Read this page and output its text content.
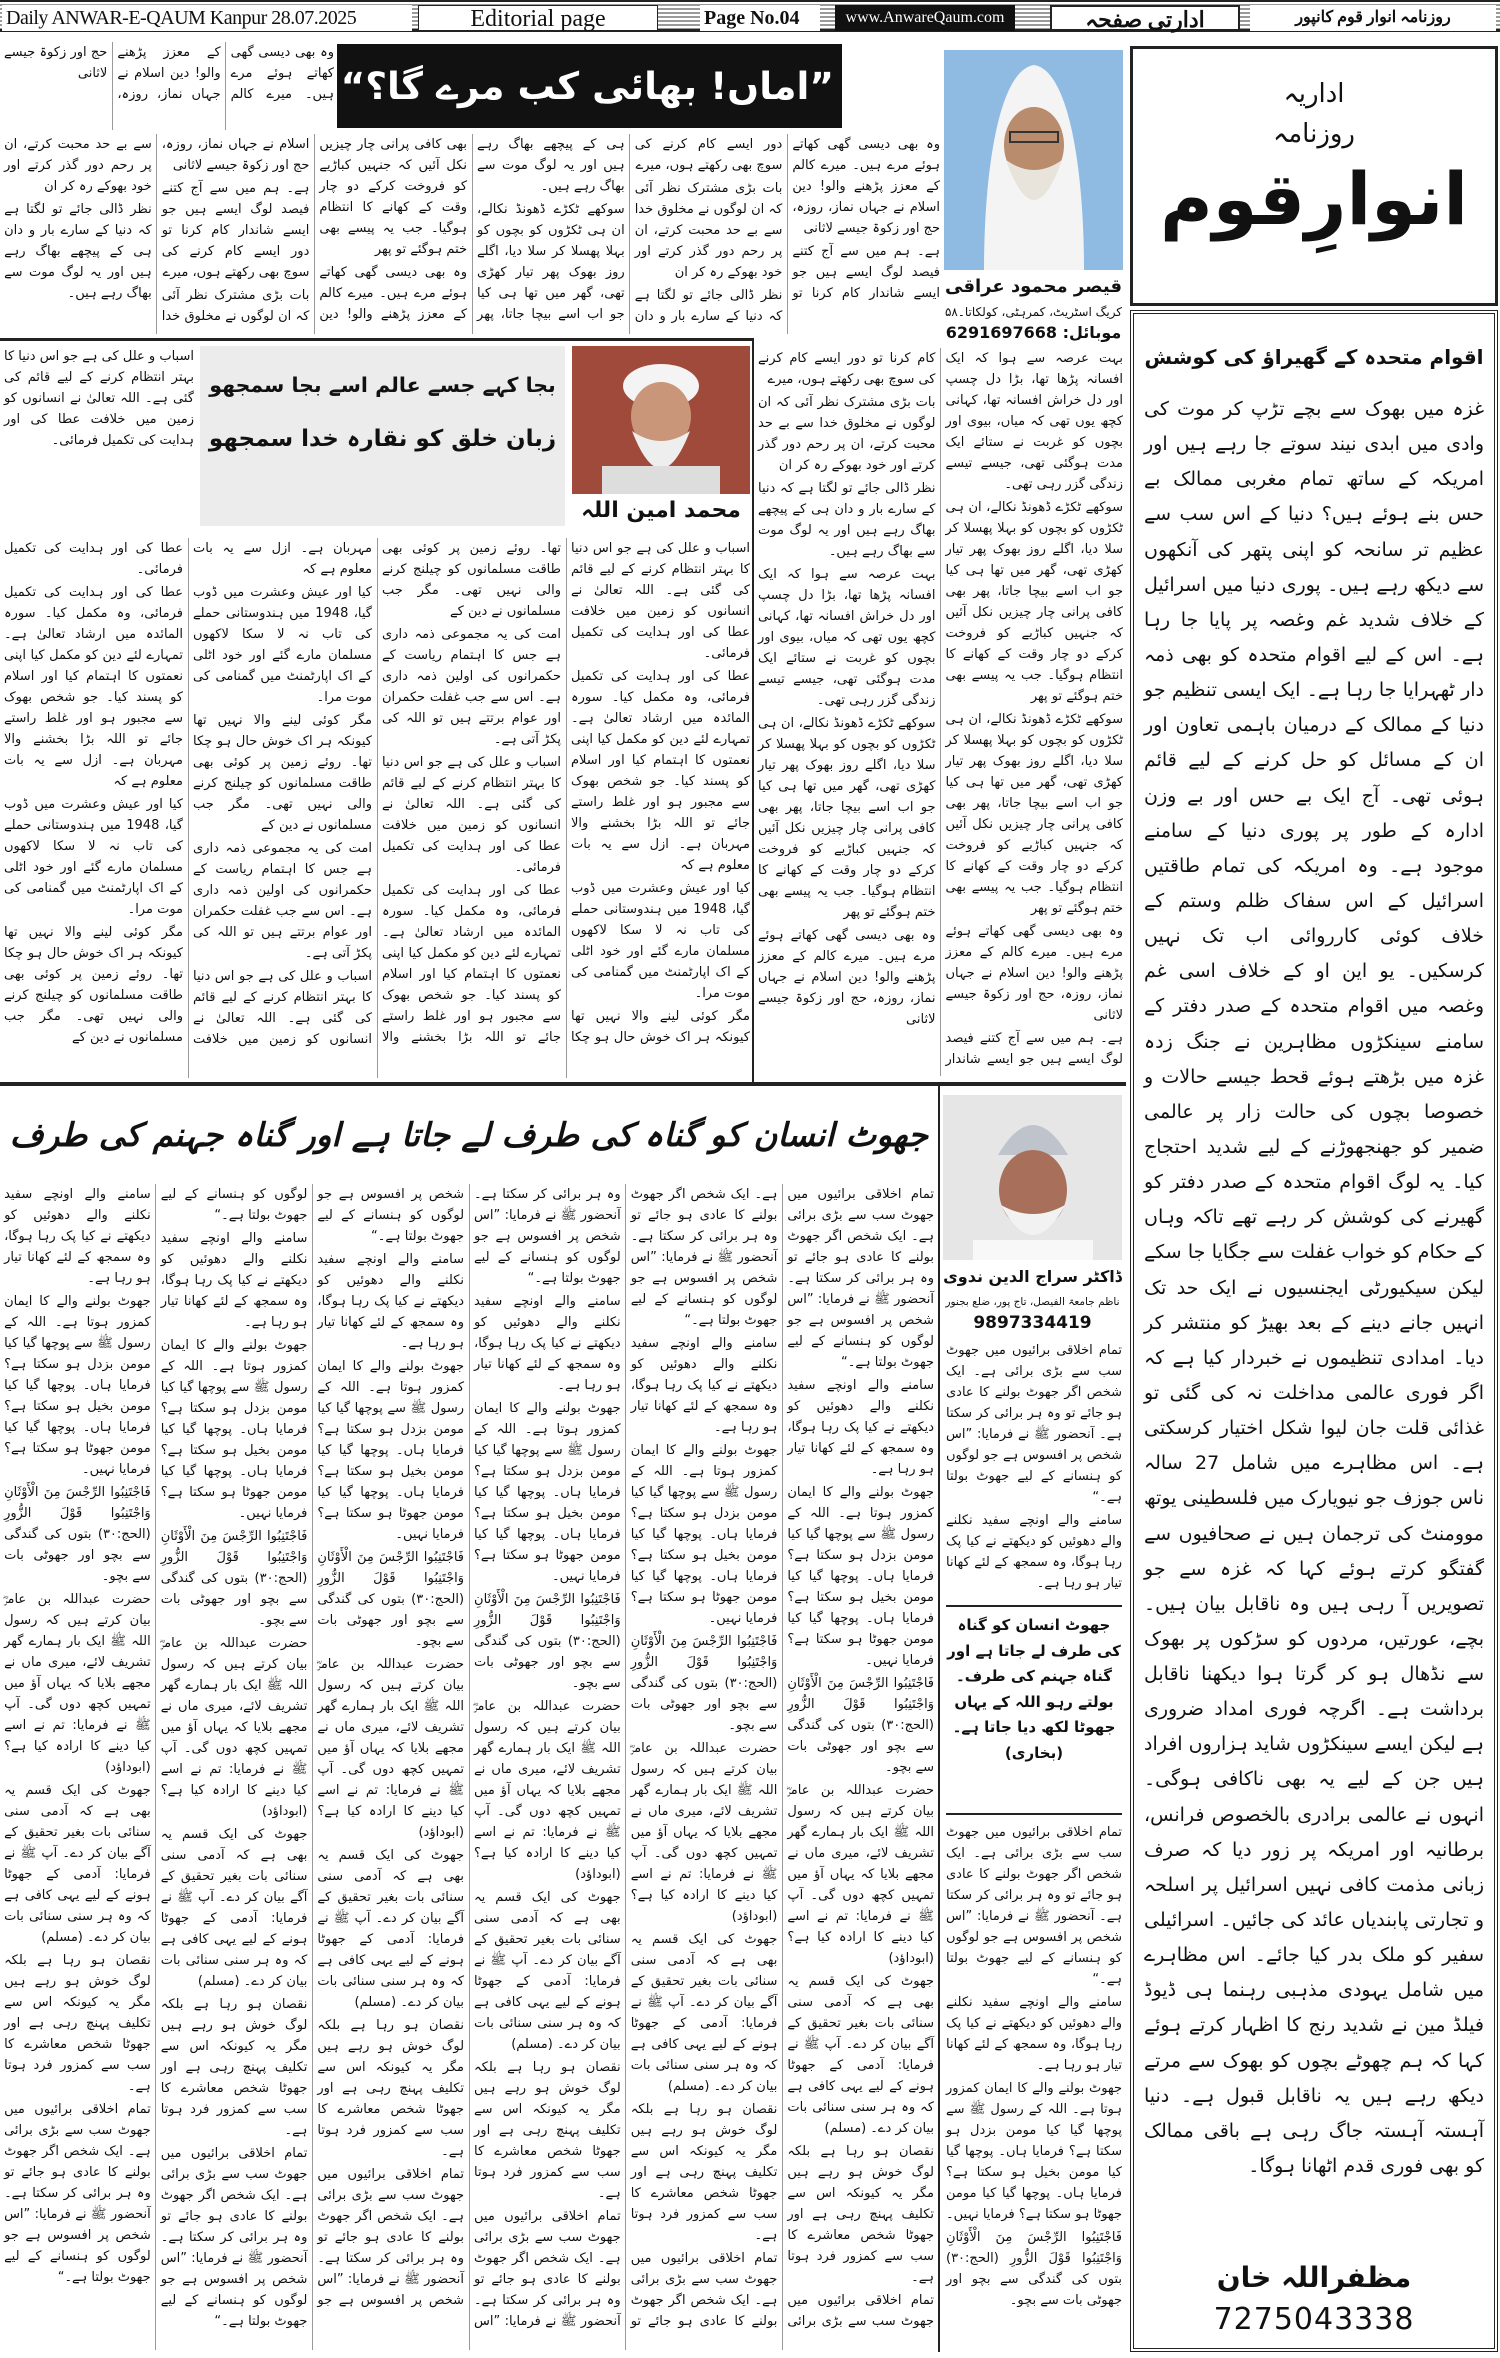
Daily ANWAR-E-QAUM Kanpur 28.07.2025	Editorial page	Page No.04	www.AnwareQaum.com	ادارتی صفحہ	روزنامہ انوار قوم کانپور

وہ بھی دیسی گھی کھاتے ہوئے مرے ہیں۔ میرے کالم کے معزز پڑھنے والو! دین اسلام نے جہاں نماز، روزہ، حج اور زکوۃ جیسے لاثانی	”اماں! بھائی کب مرے گا؟“

وہ بھی دیسی گھی کھاتے ہوئے مرے ہیں۔ میرے کالم کے معزز پڑھنے والو! دین اسلام نے جہاں نماز، روزہ، حج اور زکوۃ جیسے لاثانی

ہے۔ ہم میں سے آج کتنے فیصد لوگ ایسے ہیں جو ایسے شاندار کام کرنا تو دور ایسے کام کرنے کی سوچ بھی رکھتے ہوں، میرے

بات بڑی مشترک نظر آئی کہ ان لوگوں نے مخلوق خدا سے بے حد محبت کرتے، ان پر رحم دور گذر کرتے اور خود بھوکے رہ کر ان

نظر ڈالی جائے تو لگتا ہے کہ دنیا کے سارے بار و دان ہی کے پیچھے بھاگ رہے ہیں اور یہ لوگ موت سے بھاگ رہے ہیں۔

سوکھے ٹکڑے ڈھونڈ نکالے، ان ہی ٹکڑوں کو بچوں کو بہلا پھسلا کر سلا دیا، اگلے روز بھوک پھر تیار کھڑی تھی، گھر میں تھا ہی کیا جو اب اسے بیچا جاتا، پھر بھی کافی پرانی چار چیزیں نکل آئیں کہ جنہیں کباڑیے کو فروخت کرکے دو چار وقت کے کھانے کا انتظام ہوگیا۔ جب یہ پیسے بھی ختم ہوگئے تو پھر

وہ بھی دیسی گھی کھاتے ہوئے مرے ہیں۔ میرے کالم کے معزز پڑھنے والو! دین اسلام نے جہاں نماز، روزہ، حج اور زکوۃ جیسے لاثانی

ہے۔ ہم میں سے آج کتنے فیصد لوگ ایسے ہیں جو ایسے شاندار کام کرنا تو دور ایسے کام کرنے کی سوچ بھی رکھتے ہوں، میرے

بات بڑی مشترک نظر آئی کہ ان لوگوں نے مخلوق خدا سے بے حد محبت کرتے، ان پر رحم دور گذر کرتے اور خود بھوکے رہ کر ان

نظر ڈالی جائے تو لگتا ہے کہ دنیا کے سارے بار و دان ہی کے پیچھے بھاگ رہے ہیں اور یہ لوگ موت سے بھاگ رہے ہیں۔	قیصر محمود عراقی
کریگ اسٹریٹ، کمرہٹی، کولکاتا۔۵۸
موبائل: 6291697668

بہت عرصہ سے ہوا کہ ایک افسانہ پڑھا تھا، بڑا دل چسپ اور دل خراش افسانہ تھا، کہانی کچھ یوں تھی کہ میاں، بیوی اور بچوں کو غربت نے ستائے ایک مدت ہوگئی تھی، جیسے تیسے زندگی گزر رہی تھی۔

سوکھے ٹکڑے ڈھونڈ نکالے، ان ہی ٹکڑوں کو بچوں کو بہلا پھسلا کر سلا دیا، اگلے روز بھوک پھر تیار کھڑی تھی، گھر میں تھا ہی کیا جو اب اسے بیچا جاتا، پھر بھی کافی پرانی چار چیزیں نکل آئیں کہ جنہیں کباڑیے کو فروخت کرکے دو چار وقت کے کھانے کا انتظام ہوگیا۔ جب یہ پیسے بھی ختم ہوگئے تو پھر

سوکھے ٹکڑے ڈھونڈ نکالے، ان ہی ٹکڑوں کو بچوں کو بہلا پھسلا کر سلا دیا، اگلے روز بھوک پھر تیار کھڑی تھی، گھر میں تھا ہی کیا جو اب اسے بیچا جاتا، پھر بھی کافی پرانی چار چیزیں نکل آئیں کہ جنہیں کباڑیے کو فروخت کرکے دو چار وقت کے کھانے کا انتظام ہوگیا۔ جب یہ پیسے بھی ختم ہوگئے تو پھر

وہ بھی دیسی گھی کھاتے ہوئے مرے ہیں۔ میرے کالم کے معزز پڑھنے والو! دین اسلام نے جہاں نماز، روزہ، حج اور زکوۃ جیسے لاثانی

ہے۔ ہم میں سے آج کتنے فیصد لوگ ایسے ہیں جو ایسے شاندار کام کرنا تو دور ایسے کام کرنے کی سوچ بھی رکھتے ہوں، میرے

بات بڑی مشترک نظر آئی کہ ان لوگوں نے مخلوق خدا سے بے حد محبت کرتے، ان پر رحم دور گذر کرتے اور خود بھوکے رہ کر ان

نظر ڈالی جائے تو لگتا ہے کہ دنیا کے سارے بار و دان ہی کے پیچھے بھاگ رہے ہیں اور یہ لوگ موت سے بھاگ رہے ہیں۔

بہت عرصہ سے ہوا کہ ایک افسانہ پڑھا تھا، بڑا دل چسپ اور دل خراش افسانہ تھا، کہانی کچھ یوں تھی کہ میاں، بیوی اور بچوں کو غربت نے ستائے ایک مدت ہوگئی تھی، جیسے تیسے زندگی گزر رہی تھی۔

سوکھے ٹکڑے ڈھونڈ نکالے، ان ہی ٹکڑوں کو بچوں کو بہلا پھسلا کر سلا دیا، اگلے روز بھوک پھر تیار کھڑی تھی، گھر میں تھا ہی کیا جو اب اسے بیچا جاتا، پھر بھی کافی پرانی چار چیزیں نکل آئیں کہ جنہیں کباڑیے کو فروخت کرکے دو چار وقت کے کھانے کا انتظام ہوگیا۔ جب یہ پیسے بھی ختم ہوگئے تو پھر

وہ بھی دیسی گھی کھاتے ہوئے مرے ہیں۔ میرے کالم کے معزز پڑھنے والو! دین اسلام نے جہاں نماز، روزہ، حج اور زکوۃ جیسے لاثانی

اسباب و علل کی ہے جو اس دنیا کا بہتر انتظام کرنے کے لیے قائم کی گئی ہے۔ اللہ تعالیٰ نے انسانوں کو زمین میں خلافت عطا کی اور ہدایت کی تکمیل فرمائی۔

بجا کہے جسے عالم اسے بجا سمجھو
زبان خلق کو نقارہ خدا سمجھو
محمد امین اللہ

اسباب و علل کی ہے جو اس دنیا کا بہتر انتظام کرنے کے لیے قائم کی گئی ہے۔ اللہ تعالیٰ نے انسانوں کو زمین میں خلافت عطا کی اور ہدایت کی تکمیل فرمائی۔

عطا کی اور ہدایت کی تکمیل فرمائی، وہ مکمل کیا۔ سورہ المائدہ میں ارشاد تعالیٰ ہے۔ تمہارے لئے دین کو مکمل کیا اپنی نعمتوں کا اہتمام کیا اور اسلام کو پسند کیا۔ جو شخص بھوک سے مجبور ہو اور غلط راستے جائے تو اللہ بڑا بخشنے والا مہربان ہے۔ ازل سے یہ بات معلوم ہے کہ

کیا اور عیش وعشرت میں ڈوب گیا، 1948 میں ہندوستانی حملے کی تاب نہ لا سکا لاکھوں مسلمان مارے گئے اور خود اٹلی کے اک اپارٹمنٹ میں گمنامی کی موت مرا۔

مگر کوئی لینے والا نہیں تھا کیونکہ ہر اک خوش حال ہو چکا تھا۔ روئے زمین پر کوئی بھی طاقت مسلمانوں کو چیلنج کرنے والی نہیں تھی۔ مگر جب مسلمانوں نے دین کے

امت کی یہ مجموعی ذمہ داری ہے جس کا اہتمام ریاست کے حکمرانوں کی اولین ذمہ داری ہے۔ اس سے جب غفلت حکمران اور عوام برتتے ہیں تو اللہ کی پکڑ آتی ہے۔

اسباب و علل کی ہے جو اس دنیا کا بہتر انتظام کرنے کے لیے قائم کی گئی ہے۔ اللہ تعالیٰ نے انسانوں کو زمین میں خلافت عطا کی اور ہدایت کی تکمیل فرمائی۔

عطا کی اور ہدایت کی تکمیل فرمائی، وہ مکمل کیا۔ سورہ المائدہ میں ارشاد تعالیٰ ہے۔ تمہارے لئے دین کو مکمل کیا اپنی نعمتوں کا اہتمام کیا اور اسلام کو پسند کیا۔ جو شخص بھوک سے مجبور ہو اور غلط راستے جائے تو اللہ بڑا بخشنے والا مہربان ہے۔ ازل سے یہ بات معلوم ہے کہ

کیا اور عیش وعشرت میں ڈوب گیا، 1948 میں ہندوستانی حملے کی تاب نہ لا سکا لاکھوں مسلمان مارے گئے اور خود اٹلی کے اک اپارٹمنٹ میں گمنامی کی موت مرا۔

مگر کوئی لینے والا نہیں تھا کیونکہ ہر اک خوش حال ہو چکا تھا۔ روئے زمین پر کوئی بھی طاقت مسلمانوں کو چیلنج کرنے والی نہیں تھی۔ مگر جب مسلمانوں نے دین کے

امت کی یہ مجموعی ذمہ داری ہے جس کا اہتمام ریاست کے حکمرانوں کی اولین ذمہ داری ہے۔ اس سے جب غفلت حکمران اور عوام برتتے ہیں تو اللہ کی پکڑ آتی ہے۔

اسباب و علل کی ہے جو اس دنیا کا بہتر انتظام کرنے کے لیے قائم کی گئی ہے۔ اللہ تعالیٰ نے انسانوں کو زمین میں خلافت عطا کی اور ہدایت کی تکمیل فرمائی۔

عطا کی اور ہدایت کی تکمیل فرمائی، وہ مکمل کیا۔ سورہ المائدہ میں ارشاد تعالیٰ ہے۔ تمہارے لئے دین کو مکمل کیا اپنی نعمتوں کا اہتمام کیا اور اسلام کو پسند کیا۔ جو شخص بھوک سے مجبور ہو اور غلط راستے جائے تو اللہ بڑا بخشنے والا مہربان ہے۔ ازل سے یہ بات معلوم ہے کہ

کیا اور عیش وعشرت میں ڈوب گیا، 1948 میں ہندوستانی حملے کی تاب نہ لا سکا لاکھوں مسلمان مارے گئے اور خود اٹلی کے اک اپارٹمنٹ میں گمنامی کی موت مرا۔

مگر کوئی لینے والا نہیں تھا کیونکہ ہر اک خوش حال ہو چکا تھا۔ روئے زمین پر کوئی بھی طاقت مسلمانوں کو چیلنج کرنے والی نہیں تھی۔ مگر جب مسلمانوں نے دین کے

جھوٹ انسان کو گناہ کی طرف لے جاتا ہے اور گناہ جہنم کی طرف
ڈاکٹر سراج الدین ندوی
ناظم جامعۃ الفیصل، تاج پور، ضلع بجنور
9897334419

تمام اخلاقی برائیوں میں جھوٹ سب سے بڑی برائی ہے۔ ایک شخص اگر جھوٹ بولنے کا عادی ہو جائے تو وہ ہر برائی کر سکتا ہے۔ آنحضور ﷺ نے فرمایا: ”اس شخص پر افسوس ہے جو لوگوں کو ہنسانے کے لیے جھوٹ بولتا ہے۔“

سامنے والے اونچے سفید نکلنے والے دھوئیں کو دیکھتے نے کیا پک رہا ہوگا، وہ سمجھ کے لئے کھانا تیار ہو رہا ہے۔

جھوٹ بولنے والے کا ایمان کمزور ہوتا ہے۔ اللہ کے رسول ﷺ سے پوچھا گیا کیا مومن بزدل ہو سکتا ہے؟ فرمایا ہاں۔ پوچھا گیا کیا مومن بخیل ہو سکتا ہے؟ فرمایا ہاں۔ پوچھا گیا کیا مومن جھوٹا ہو سکتا ہے؟ فرمایا نہیں۔

فَاجْتَنِبُوا الرِّجْسَ مِنَ الْأَوْثَانِ وَاجْتَنِبُوا قَوْلَ الزُّورِ (الحج:۳۰) بتوں کی گندگی سے بچو اور جھوٹی بات سے بچو۔

حضرت عبداللہ بن عامرؓ بیان کرتے ہیں کہ رسول اللہ ﷺ ایک بار ہمارے گھر تشریف لائے، میری ماں نے مجھے بلایا کہ یہاں آؤ میں تمہیں کچھ دوں گی۔ آپ ﷺ نے فرمایا: تم نے اسے کیا دینے کا ارادہ کیا ہے؟ (ابوداؤد)

جھوٹ کی ایک قسم یہ بھی ہے کہ آدمی سنی سنائی بات بغیر تحقیق کے آگے بیان کر دے۔ آپ ﷺ نے فرمایا: آدمی کے جھوٹا ہونے کے لیے یہی کافی ہے کہ وہ ہر سنی سنائی بات بیان کر دے۔ (مسلم)

نقصان ہو رہا ہے بلکہ لوگ خوش ہو رہے ہیں مگر یہ کیونکہ اس سے تکلیف پہنچ رہی ہے اور جھوٹا شخص معاشرے کا سب سے کمزور فرد ہوتا ہے۔

تمام اخلاقی برائیوں میں جھوٹ سب سے بڑی برائی ہے۔ ایک شخص اگر جھوٹ بولنے کا عادی ہو جائے تو وہ ہر برائی کر سکتا ہے۔ آنحضور ﷺ نے فرمایا: ”اس شخص پر افسوس ہے جو لوگوں کو ہنسانے کے لیے جھوٹ بولتا ہے۔“

سامنے والے اونچے سفید نکلنے والے دھوئیں کو دیکھتے نے کیا پک رہا ہوگا، وہ سمجھ کے لئے کھانا تیار ہو رہا ہے۔

جھوٹ بولنے والے کا ایمان کمزور ہوتا ہے۔ اللہ کے رسول ﷺ سے پوچھا گیا کیا مومن بزدل ہو سکتا ہے؟ فرمایا ہاں۔ پوچھا گیا کیا مومن بخیل ہو سکتا ہے؟ فرمایا ہاں۔ پوچھا گیا کیا مومن جھوٹا ہو سکتا ہے؟ فرمایا نہیں۔

فَاجْتَنِبُوا الرِّجْسَ مِنَ الْأَوْثَانِ وَاجْتَنِبُوا قَوْلَ الزُّورِ (الحج:۳۰) بتوں کی گندگی سے بچو اور جھوٹی بات سے بچو۔

حضرت عبداللہ بن عامرؓ بیان کرتے ہیں کہ رسول اللہ ﷺ ایک بار ہمارے گھر تشریف لائے، میری ماں نے مجھے بلایا کہ یہاں آؤ میں تمہیں کچھ دوں گی۔ آپ ﷺ نے فرمایا: تم نے اسے کیا دینے کا ارادہ کیا ہے؟ (ابوداؤد)

جھوٹ کی ایک قسم یہ بھی ہے کہ آدمی سنی سنائی بات بغیر تحقیق کے آگے بیان کر دے۔ آپ ﷺ نے فرمایا: آدمی کے جھوٹا ہونے کے لیے یہی کافی ہے کہ وہ ہر سنی سنائی بات بیان کر دے۔ (مسلم)

نقصان ہو رہا ہے بلکہ لوگ خوش ہو رہے ہیں مگر یہ کیونکہ اس سے تکلیف پہنچ رہی ہے اور جھوٹا شخص معاشرے کا سب سے کمزور فرد ہوتا ہے۔

تمام اخلاقی برائیوں میں جھوٹ سب سے بڑی برائی ہے۔ ایک شخص اگر جھوٹ بولنے کا عادی ہو جائے تو وہ ہر برائی کر سکتا ہے۔ آنحضور ﷺ نے فرمایا: ”اس شخص پر افسوس ہے جو لوگوں کو ہنسانے کے لیے جھوٹ بولتا ہے۔“

سامنے والے اونچے سفید نکلنے والے دھوئیں کو دیکھتے نے کیا پک رہا ہوگا، وہ سمجھ کے لئے کھانا تیار ہو رہا ہے۔

جھوٹ بولنے والے کا ایمان کمزور ہوتا ہے۔ اللہ کے رسول ﷺ سے پوچھا گیا کیا مومن بزدل ہو سکتا ہے؟ فرمایا ہاں۔ پوچھا گیا کیا مومن بخیل ہو سکتا ہے؟ فرمایا ہاں۔ پوچھا گیا کیا مومن جھوٹا ہو سکتا ہے؟ فرمایا نہیں۔

فَاجْتَنِبُوا الرِّجْسَ مِنَ الْأَوْثَانِ وَاجْتَنِبُوا قَوْلَ الزُّورِ (الحج:۳۰) بتوں کی گندگی سے بچو اور جھوٹی بات سے بچو۔

حضرت عبداللہ بن عامرؓ بیان کرتے ہیں کہ رسول اللہ ﷺ ایک بار ہمارے گھر تشریف لائے، میری ماں نے مجھے بلایا کہ یہاں آؤ میں تمہیں کچھ دوں گی۔ آپ ﷺ نے فرمایا: تم نے اسے کیا دینے کا ارادہ کیا ہے؟ (ابوداؤد)

جھوٹ کی ایک قسم یہ بھی ہے کہ آدمی سنی سنائی بات بغیر تحقیق کے آگے بیان کر دے۔ آپ ﷺ نے فرمایا: آدمی کے جھوٹا ہونے کے لیے یہی کافی ہے کہ وہ ہر سنی سنائی بات بیان کر دے۔ (مسلم)

نقصان ہو رہا ہے بلکہ لوگ خوش ہو رہے ہیں مگر یہ کیونکہ اس سے تکلیف پہنچ رہی ہے اور جھوٹا شخص معاشرے کا سب سے کمزور فرد ہوتا ہے۔

تمام اخلاقی برائیوں میں جھوٹ سب سے بڑی برائی ہے۔ ایک شخص اگر جھوٹ بولنے کا عادی ہو جائے تو وہ ہر برائی کر سکتا ہے۔ آنحضور ﷺ نے فرمایا: ”اس شخص پر افسوس ہے جو لوگوں کو ہنسانے کے لیے جھوٹ بولتا ہے۔“

سامنے والے اونچے سفید نکلنے والے دھوئیں کو دیکھتے نے کیا پک رہا ہوگا، وہ سمجھ کے لئے کھانا تیار ہو رہا ہے۔

جھوٹ بولنے والے کا ایمان کمزور ہوتا ہے۔ اللہ کے رسول ﷺ سے پوچھا گیا کیا مومن بزدل ہو سکتا ہے؟ فرمایا ہاں۔ پوچھا گیا کیا مومن بخیل ہو سکتا ہے؟ فرمایا ہاں۔ پوچھا گیا کیا مومن جھوٹا ہو سکتا ہے؟ فرمایا نہیں۔

فَاجْتَنِبُوا الرِّجْسَ مِنَ الْأَوْثَانِ وَاجْتَنِبُوا قَوْلَ الزُّورِ (الحج:۳۰) بتوں کی گندگی سے بچو اور جھوٹی بات سے بچو۔

حضرت عبداللہ بن عامرؓ بیان کرتے ہیں کہ رسول اللہ ﷺ ایک بار ہمارے گھر تشریف لائے، میری ماں نے مجھے بلایا کہ یہاں آؤ میں تمہیں کچھ دوں گی۔ آپ ﷺ نے فرمایا: تم نے اسے کیا دینے کا ارادہ کیا ہے؟ (ابوداؤد)

جھوٹ کی ایک قسم یہ بھی ہے کہ آدمی سنی سنائی بات بغیر تحقیق کے آگے بیان کر دے۔ آپ ﷺ نے فرمایا: آدمی کے جھوٹا ہونے کے لیے یہی کافی ہے کہ وہ ہر سنی سنائی بات بیان کر دے۔ (مسلم)

نقصان ہو رہا ہے بلکہ لوگ خوش ہو رہے ہیں مگر یہ کیونکہ اس سے تکلیف پہنچ رہی ہے اور جھوٹا شخص معاشرے کا سب سے کمزور فرد ہوتا ہے۔

تمام اخلاقی برائیوں میں جھوٹ سب سے بڑی برائی ہے۔ ایک شخص اگر جھوٹ بولنے کا عادی ہو جائے تو وہ ہر برائی کر سکتا ہے۔ آنحضور ﷺ نے فرمایا: ”اس شخص پر افسوس ہے جو لوگوں کو ہنسانے کے لیے جھوٹ بولتا ہے۔“

سامنے والے اونچے سفید نکلنے والے دھوئیں کو دیکھتے نے کیا پک رہا ہوگا، وہ سمجھ کے لئے کھانا تیار ہو رہا ہے۔

جھوٹ بولنے والے کا ایمان کمزور ہوتا ہے۔ اللہ کے رسول ﷺ سے پوچھا گیا کیا مومن بزدل ہو سکتا ہے؟ فرمایا ہاں۔ پوچھا گیا کیا مومن بخیل ہو سکتا ہے؟ فرمایا ہاں۔ پوچھا گیا کیا مومن جھوٹا ہو سکتا ہے؟ فرمایا نہیں۔

فَاجْتَنِبُوا الرِّجْسَ مِنَ الْأَوْثَانِ وَاجْتَنِبُوا قَوْلَ الزُّورِ (الحج:۳۰) بتوں کی گندگی سے بچو اور جھوٹی بات سے بچو۔

حضرت عبداللہ بن عامرؓ بیان کرتے ہیں کہ رسول اللہ ﷺ ایک بار ہمارے گھر تشریف لائے، میری ماں نے مجھے بلایا کہ یہاں آؤ میں تمہیں کچھ دوں گی۔ آپ ﷺ نے فرمایا: تم نے اسے کیا دینے کا ارادہ کیا ہے؟ (ابوداؤد)

جھوٹ کی ایک قسم یہ بھی ہے کہ آدمی سنی سنائی بات بغیر تحقیق کے آگے بیان کر دے۔ آپ ﷺ نے فرمایا: آدمی کے جھوٹا ہونے کے لیے یہی کافی ہے کہ وہ ہر سنی سنائی بات بیان کر دے۔ (مسلم)

نقصان ہو رہا ہے بلکہ لوگ خوش ہو رہے ہیں مگر یہ کیونکہ اس سے تکلیف پہنچ رہی ہے اور جھوٹا شخص معاشرے کا سب سے کمزور فرد ہوتا ہے۔

تمام اخلاقی برائیوں میں جھوٹ سب سے بڑی برائی ہے۔ ایک شخص اگر جھوٹ بولنے کا عادی ہو جائے تو وہ ہر برائی کر سکتا ہے۔ آنحضور ﷺ نے فرمایا: ”اس شخص پر افسوس ہے جو لوگوں کو ہنسانے کے لیے جھوٹ بولتا ہے۔“

سامنے والے اونچے سفید نکلنے والے دھوئیں کو دیکھتے نے کیا پک رہا ہوگا، وہ سمجھ کے لئے کھانا تیار ہو رہا ہے۔

جھوٹ بولنے والے کا ایمان کمزور ہوتا ہے۔ اللہ کے رسول ﷺ سے پوچھا گیا کیا مومن بزدل ہو سکتا ہے؟ فرمایا ہاں۔ پوچھا گیا کیا مومن بخیل ہو سکتا ہے؟ فرمایا ہاں۔ پوچھا گیا کیا مومن جھوٹا ہو سکتا ہے؟ فرمایا نہیں۔

فَاجْتَنِبُوا الرِّجْسَ مِنَ الْأَوْثَانِ وَاجْتَنِبُوا قَوْلَ الزُّورِ (الحج:۳۰) بتوں کی گندگی سے بچو اور جھوٹی بات سے بچو۔

حضرت عبداللہ بن عامرؓ بیان کرتے ہیں کہ رسول اللہ ﷺ ایک بار ہمارے گھر تشریف لائے، میری ماں نے مجھے بلایا کہ یہاں آؤ میں تمہیں کچھ دوں گی۔ آپ ﷺ نے فرمایا: تم نے اسے کیا دینے کا ارادہ کیا ہے؟ (ابوداؤد)

جھوٹ کی ایک قسم یہ بھی ہے کہ آدمی سنی سنائی بات بغیر تحقیق کے آگے بیان کر دے۔ آپ ﷺ نے فرمایا: آدمی کے جھوٹا ہونے کے لیے یہی کافی ہے کہ وہ ہر سنی سنائی بات بیان کر دے۔ (مسلم)

نقصان ہو رہا ہے بلکہ لوگ خوش ہو رہے ہیں مگر یہ کیونکہ اس سے تکلیف پہنچ رہی ہے اور جھوٹا شخص معاشرے کا سب سے کمزور فرد ہوتا ہے۔

تمام اخلاقی برائیوں میں جھوٹ سب سے بڑی برائی ہے۔ ایک شخص اگر جھوٹ بولنے کا عادی ہو جائے تو وہ ہر برائی کر سکتا ہے۔ آنحضور ﷺ نے فرمایا: ”اس شخص پر افسوس ہے جو لوگوں کو ہنسانے کے لیے جھوٹ بولتا ہے۔“

تمام اخلاقی برائیوں میں جھوٹ سب سے بڑی برائی ہے۔ ایک شخص اگر جھوٹ بولنے کا عادی ہو جائے تو وہ ہر برائی کر سکتا ہے۔ آنحضور ﷺ نے فرمایا: ”اس شخص پر افسوس ہے جو لوگوں کو ہنسانے کے لیے جھوٹ بولتا ہے۔“

سامنے والے اونچے سفید نکلنے والے دھوئیں کو دیکھتے نے کیا پک رہا ہوگا، وہ سمجھ کے لئے کھانا تیار ہو رہا ہے۔

جھوٹ انسان کو گناہ کی طرف لے جاتا ہے اور گناہ جہنم کی طرف۔ بولتے رہو اللہ کے یہاں جھوٹا لکھ دیا جاتا ہے۔ (بخاری)

تمام اخلاقی برائیوں میں جھوٹ سب سے بڑی برائی ہے۔ ایک شخص اگر جھوٹ بولنے کا عادی ہو جائے تو وہ ہر برائی کر سکتا ہے۔ آنحضور ﷺ نے فرمایا: ”اس شخص پر افسوس ہے جو لوگوں کو ہنسانے کے لیے جھوٹ بولتا ہے۔“

سامنے والے اونچے سفید نکلنے والے دھوئیں کو دیکھتے نے کیا پک رہا ہوگا، وہ سمجھ کے لئے کھانا تیار ہو رہا ہے۔

جھوٹ بولنے والے کا ایمان کمزور ہوتا ہے۔ اللہ کے رسول ﷺ سے پوچھا گیا کیا مومن بزدل ہو سکتا ہے؟ فرمایا ہاں۔ پوچھا گیا کیا مومن بخیل ہو سکتا ہے؟ فرمایا ہاں۔ پوچھا گیا کیا مومن جھوٹا ہو سکتا ہے؟ فرمایا نہیں۔

فَاجْتَنِبُوا الرِّجْسَ مِنَ الْأَوْثَانِ وَاجْتَنِبُوا قَوْلَ الزُّورِ (الحج:۳۰) بتوں کی گندگی سے بچو اور جھوٹی بات سے بچو۔

اداریہ
روزنامہ
انوارِقوم
اقوام متحدہ کے گھیراؤ کی کوشش
غزہ میں بھوک سے بچے تڑپ کر موت کی وادی میں ابدی نیند سوتے جا رہے ہیں اور امریکہ کے ساتھ تمام مغربی ممالک بے حس بنے ہوئے ہیں؟ دنیا کے اس سب سے عظیم تر سانحہ کو اپنی پتھر کی آنکھوں سے دیکھ رہے ہیں۔ پوری دنیا میں اسرائیل کے خلاف شدید غم وغصہ پر پایا جا رہا ہے۔ اس کے لیے اقوام متحدہ کو بھی ذمہ دار ٹھہرایا جا رہا ہے۔ ایک ایسی تنظیم جو دنیا کے ممالک کے درمیان باہمی تعاون اور ان کے مسائل کو حل کرنے کے لیے قائم ہوئی تھی۔ آج ایک بے حس اور بے وزن ادارہ کے طور پر پوری دنیا کے سامنے موجود ہے۔ وہ امریکہ کی تمام طاقتیں اسرائیل کے اس سفاک ظلم وستم کے خلاف کوئی کارروائی اب تک نہیں کرسکیں۔ یو این او کے خلاف اسی غم وغصہ میں اقوام متحدہ کے صدر دفتر کے سامنے سینکڑوں مظاہرین نے جنگ زدہ غزہ میں بڑھتے ہوئے قحط جیسے حالات و خصوصا بچوں کی حالت زار پر عالمی ضمیر کو جھنجھوڑنے کے لیے شدید احتجاج کیا۔ یہ لوگ اقوام متحدہ کے صدر دفتر کو گھیرنے کی کوشش کر رہے تھے تاکہ وہاں کے حکام کو خواب غفلت سے جگایا جا سکے لیکن سیکیورٹی ایجنسیوں نے ایک حد تک انہیں جانے دینے کے بعد بھیڑ کو منتشر کر دیا۔ امدادی تنظیموں نے خبردار کیا ہے کہ اگر فوری عالمی مداخلت نہ کی گئی تو غذائی قلت جان لیوا شکل اختیار کرسکتی ہے۔ اس مظاہرے میں شامل 27 سالہ ناس جوزف جو نیویارک میں فلسطینی یوتھ موومنٹ کی ترجمان ہیں نے صحافیوں سے گفتگو کرتے ہوئے کہا کہ غزہ سے جو تصویریں آ رہی ہیں وہ ناقابل بیان ہیں۔ بچے، عورتیں، مردوں کو سڑکوں پر بھوک سے نڈھال ہو کر گرتا ہوا دیکھنا ناقابل برداشت ہے۔ اگرچہ فوری امداد ضروری ہے لیکن ایسے سینکڑوں شاید ہزاروں افراد ہیں جن کے لیے یہ بھی ناکافی ہوگی۔ انہوں نے عالمی برادری بالخصوص فرانس، برطانیہ اور امریکہ پر زور دیا کہ صرف زبانی مذمت کافی نہیں اسرائیل پر اسلحہ و تجارتی پابندیاں عائد کی جائیں۔ اسرائیلی سفیر کو ملک بدر کیا جائے۔ اس مظاہرے میں شامل یہودی مذہبی رہنما ہی ڈیوڈ فیلڈ مین نے شدید رنج کا اظہار کرتے ہوئے کہا کہ ہم چھوٹے بچوں کو بھوک سے مرتے دیکھ رہے ہیں یہ ناقابل قبول ہے۔ دنیا آہستہ آہستہ جاگ رہی ہے باقی ممالک کو بھی فوری قدم اٹھانا ہوگا۔
مظفراللہ خان
7275043338
